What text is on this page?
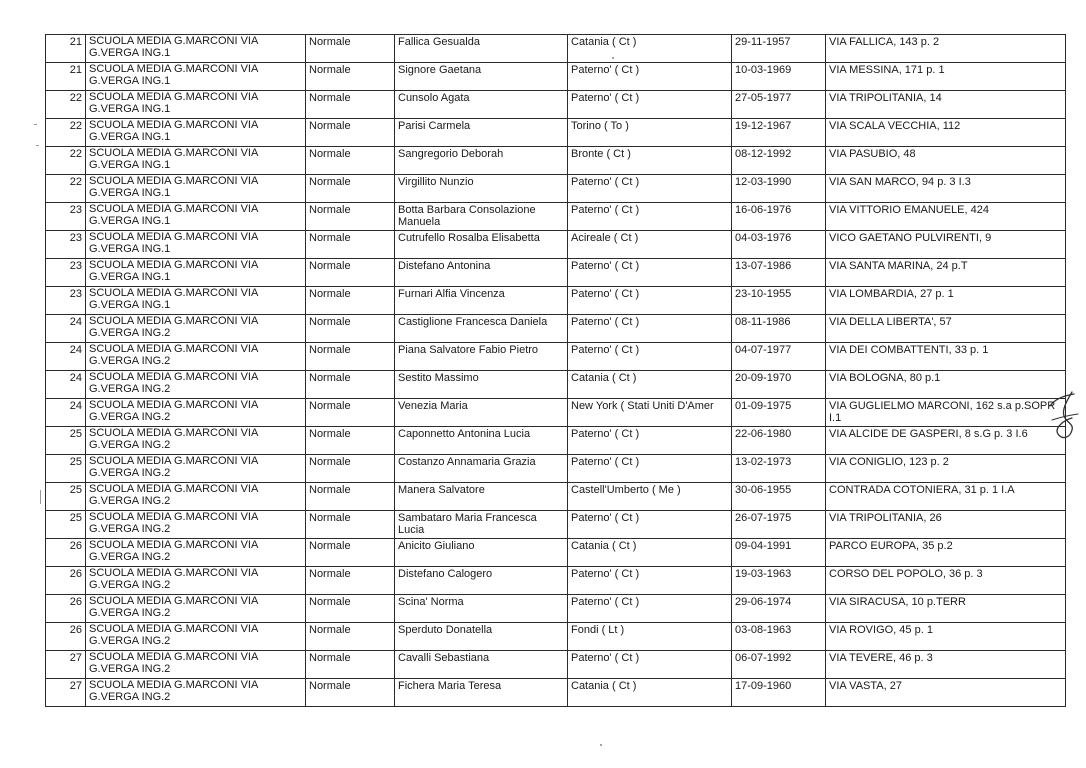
21	SCUOLA MEDIA G.MARCONI VIA G.VERGA ING.1	Normale	Fallica Gesualda	Catania ( Ct )	29-11-1957	VIA FALLICA, 143 p. 2
21	SCUOLA MEDIA G.MARCONI VIA G.VERGA ING.1	Normale	Signore Gaetana	Paterno' ( Ct )	10-03-1969	VIA MESSINA, 171 p. 1
22	SCUOLA MEDIA G.MARCONI VIA G.VERGA ING.1	Normale	Cunsolo Agata	Paterno' ( Ct )	27-05-1977	VIA TRIPOLITANIA, 14
22	SCUOLA MEDIA G.MARCONI VIA G.VERGA ING.1	Normale	Parisi Carmela	Torino ( To )	19-12-1967	VIA SCALA VECCHIA, 112
22	SCUOLA MEDIA G.MARCONI VIA G.VERGA ING.1	Normale	Sangregorio Deborah	Bronte ( Ct )	08-12-1992	VIA PASUBIO, 48
22	SCUOLA MEDIA G.MARCONI VIA G.VERGA ING.1	Normale	Virgillito Nunzio	Paterno' ( Ct )	12-03-1990	VIA SAN MARCO, 94 p. 3 I.3
23	SCUOLA MEDIA G.MARCONI VIA G.VERGA ING.1	Normale	Botta Barbara Consolazione Manuela	Paterno' ( Ct )	16-06-1976	VIA VITTORIO EMANUELE, 424
23	SCUOLA MEDIA G.MARCONI VIA G.VERGA ING.1	Normale	Cutrufello Rosalba Elisabetta	Acireale ( Ct )	04-03-1976	VICO GAETANO PULVIRENTI, 9
23	SCUOLA MEDIA G.MARCONI VIA G.VERGA ING.1	Normale	Distefano Antonina	Paterno' ( Ct )	13-07-1986	VIA SANTA MARINA, 24 p.T
23	SCUOLA MEDIA G.MARCONI VIA G.VERGA ING.1	Normale	Furnari Alfia Vincenza	Paterno' ( Ct )	23-10-1955	VIA LOMBARDIA, 27 p. 1
24	SCUOLA MEDIA G.MARCONI VIA G.VERGA ING.2	Normale	Castiglione Francesca Daniela	Paterno' ( Ct )	08-11-1986	VIA DELLA LIBERTA', 57
24	SCUOLA MEDIA G.MARCONI VIA G.VERGA ING.2	Normale	Piana Salvatore Fabio Pietro	Paterno' ( Ct )	04-07-1977	VIA DEI COMBATTENTI, 33 p. 1
24	SCUOLA MEDIA G.MARCONI VIA G.VERGA ING.2	Normale	Sestito Massimo	Catania ( Ct )	20-09-1970	VIA BOLOGNA, 80 p.1
24	SCUOLA MEDIA G.MARCONI VIA G.VERGA ING.2	Normale	Venezia Maria	New York ( Stati Uniti D'Amer	01-09-1975	VIA GUGLIELMO MARCONI, 162 s.a p.SOPR I.1
25	SCUOLA MEDIA G.MARCONI VIA G.VERGA ING.2	Normale	Caponnetto Antonina Lucia	Paterno' ( Ct )	22-06-1980	VIA ALCIDE DE GASPERI, 8 s.G p. 3 I.6
25	SCUOLA MEDIA G.MARCONI VIA G.VERGA ING.2	Normale	Costanzo Annamaria Grazia	Paterno' ( Ct )	13-02-1973	VIA CONIGLIO, 123 p. 2
25	SCUOLA MEDIA G.MARCONI VIA G.VERGA ING.2	Normale	Manera Salvatore	Castell'Umberto ( Me )	30-06-1955	CONTRADA COTONIERA, 31 p. 1 I.A
25	SCUOLA MEDIA G.MARCONI VIA G.VERGA ING.2	Normale	Sambataro Maria Francesca Lucia	Paterno' ( Ct )	26-07-1975	VIA TRIPOLITANIA, 26
26	SCUOLA MEDIA G.MARCONI VIA G.VERGA ING.2	Normale	Anicito Giuliano	Catania ( Ct )	09-04-1991	PARCO EUROPA, 35 p.2
26	SCUOLA MEDIA G.MARCONI VIA G.VERGA ING.2	Normale	Distefano Calogero	Paterno' ( Ct )	19-03-1963	CORSO DEL POPOLO, 36 p. 3
26	SCUOLA MEDIA G.MARCONI VIA G.VERGA ING.2	Normale	Scina' Norma	Paterno' ( Ct )	29-06-1974	VIA SIRACUSA, 10 p.TERR
26	SCUOLA MEDIA G.MARCONI VIA G.VERGA ING.2	Normale	Sperduto Donatella	Fondi ( Lt )	03-08-1963	VIA ROVIGO, 45 p. 1
27	SCUOLA MEDIA G.MARCONI VIA G.VERGA ING.2	Normale	Cavalli Sebastiana	Paterno' ( Ct )	06-07-1992	VIA TEVERE, 46 p. 3
27	SCUOLA MEDIA G.MARCONI VIA G.VERGA ING.2	Normale	Fichera Maria Teresa	Catania ( Ct )	17-09-1960	VIA VASTA, 27
